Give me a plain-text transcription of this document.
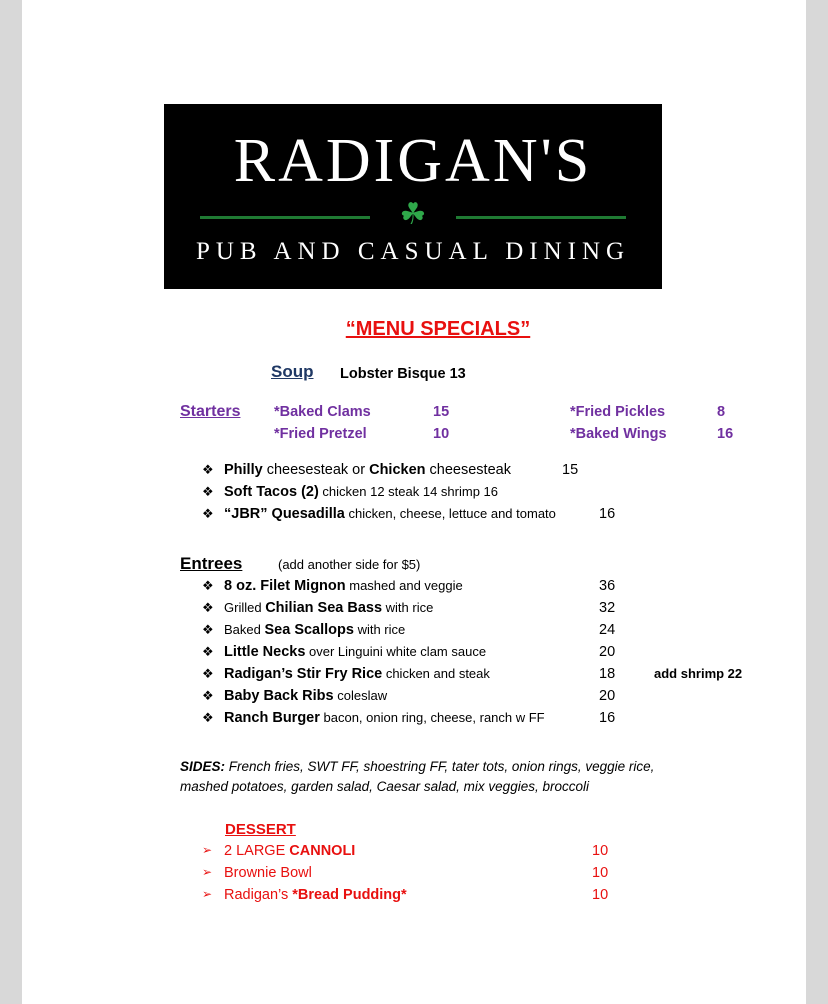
RADIGAN'S
☘
PUB AND CASUAL DINING
“MENU SPECIALS”
Soup Lobster Bisque 13
Starters *Baked Clams	15	*Fried Pickles	8
*Fried Pretzel	10	*Baked Wings	16
❖ Philly cheesesteak or Chicken cheesesteak	15
❖ Soft Tacos (2) chicken 12 steak 14 shrimp 16
❖ “JBR” Quesadilla chicken, cheese, lettuce and tomato	16
Entrees	(add another side for $5)
❖ 8 oz. Filet Mignon mashed and veggie	36
❖ Grilled Chilian Sea Bass with rice	32
❖ Baked Sea Scallops with rice	24
❖ Little Necks over Linguini white clam sauce	20
❖ Radigan’s Stir Fry Rice chicken and steak	18	add shrimp 22
❖ Baby Back Ribs coleslaw	20
❖ Ranch Burger bacon, onion ring, cheese, ranch w FF	16
SIDES: French fries, SWT FF, shoestring FF, tater tots, onion rings, veggie rice, mashed potatoes, garden salad, Caesar salad, mix veggies, broccoli
DESSERT
➢ 2 LARGE CANNOLI	10
➢ Brownie Bowl	10
➢ Radigan’s *Bread Pudding*	10
